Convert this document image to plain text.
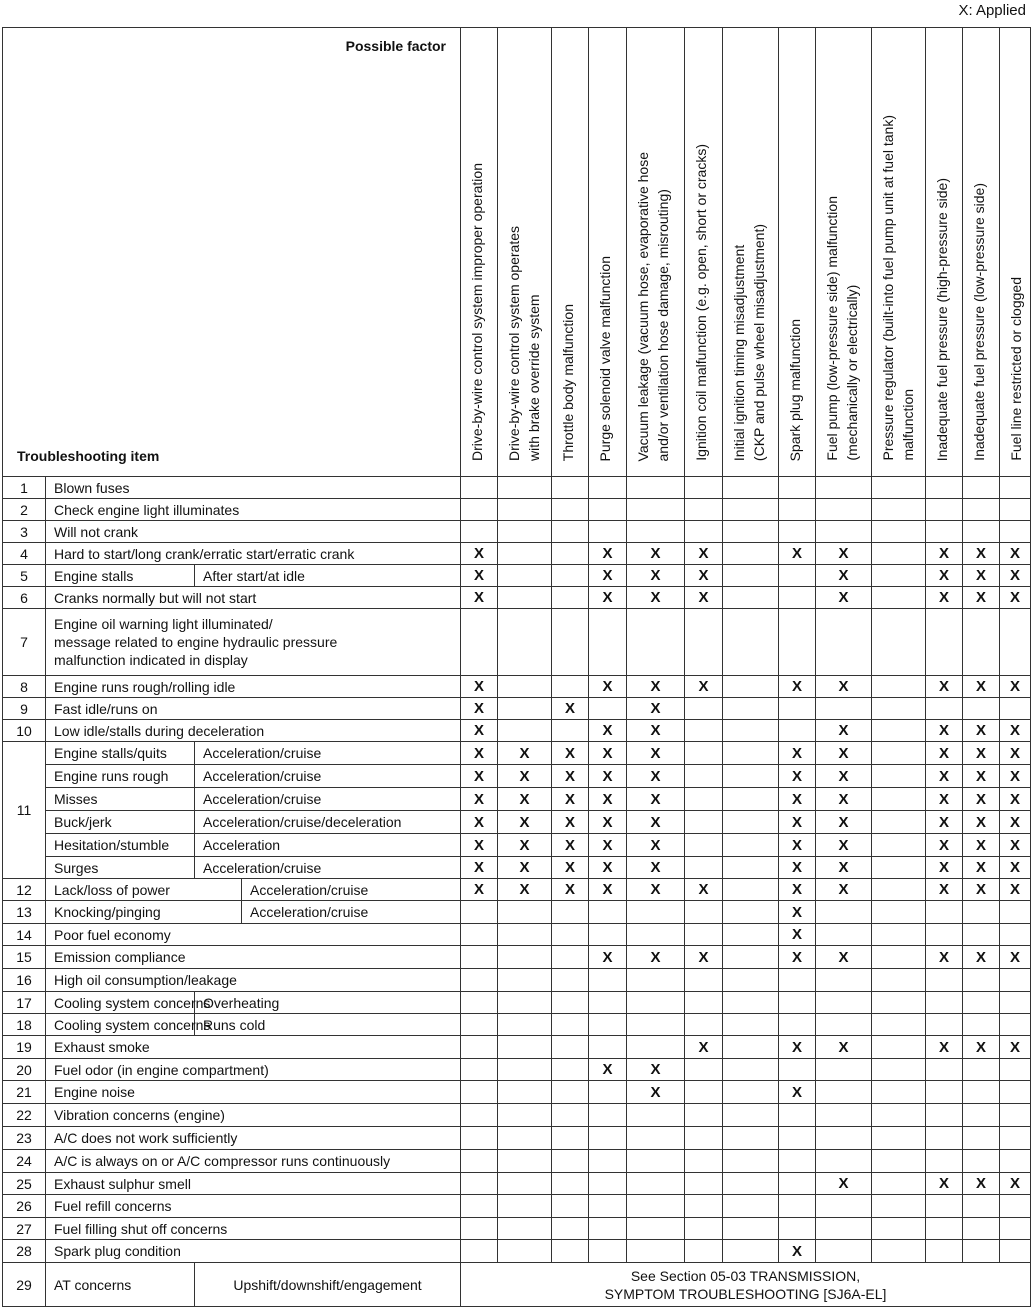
X: Applied
Possible factor
Troubleshooting item				Drive-by-wire control system improper operation	Drive-by-wire control system operates
with brake override system	Throttle body malfunction	Purge solenoid valve malfunction	Vacuum leakage (vacuum hose, evaporative hose
and/or ventilation hose damage, misrouting)	Ignition coil malfunction (e.g. open, short or cracks)	Initial ignition timing misadjustment
(CKP and pulse wheel misadjustment)	Spark plug malfunction	Fuel pump (low-pressure side) malfunction
(mechanically or electrically)	Pressure regulator (built-into fuel pump unit at fuel tank)
malfunction	Inadequate fuel pressure (high-pressure side)	Inadequate fuel pressure (low-pressure side)	Fuel line restricted or clogged
1	Blown fuses															
2	Check engine light illuminates															
3	Will not crank															
4	Hard to start/long crank/erratic start/erratic crank			X			X	X	X		X	X		X	X	X
5	Engine stalls	After start/at idle		X			X	X	X			X		X	X	X
6	Cranks normally but will not start			X			X	X	X			X		X	X	X
7	Engine oil warning light illuminated/
message related to engine hydraulic pressure
malfunction indicated in display															
8	Engine runs rough/rolling idle			X			X	X	X		X	X		X	X	X
9	Fast idle/runs on			X		X		X								
10	Low idle/stalls during deceleration			X			X	X				X		X	X	X
11	Engine stalls/quits	Acceleration/cruise		X	X	X	X	X			X	X		X	X	X
	Engine runs rough	Acceleration/cruise		X	X	X	X	X			X	X		X	X	X
	Misses	Acceleration/cruise		X	X	X	X	X			X	X		X	X	X
	Buck/jerk	Acceleration/cruise/deceleration		X	X	X	X	X			X	X		X	X	X
	Hesitation/stumble	Acceleration		X	X	X	X	X			X	X		X	X	X
	Surges	Acceleration/cruise		X	X	X	X	X			X	X		X	X	X
12	Lack/loss of power		Acceleration/cruise	X	X	X	X	X	X		X	X		X	X	X
13	Knocking/pinging		Acceleration/cruise								X					
14	Poor fuel economy										X					
15	Emission compliance						X	X	X		X	X		X	X	X
16	High oil consumption/leakage															
17	Cooling system concerns	Overheating														
18	Cooling system concerns	Runs cold														
19	Exhaust smoke								X		X	X		X	X	X
20	Fuel odor (in engine compartment)						X	X								
21	Engine noise							X			X					
22	Vibration concerns (engine)															
23	A/C does not work sufficiently															
24	A/C is always on or A/C compressor runs continuously															
25	Exhaust sulphur smell											X		X	X	X
26	Fuel refill concerns															
27	Fuel filling shut off concerns															
28	Spark plug condition										X					
29	AT concerns	Upshift/downshift/engagement		See Section 05-03 TRANSMISSION,
SYMPTOM TROUBLESHOOTING [SJ6A-EL]												
